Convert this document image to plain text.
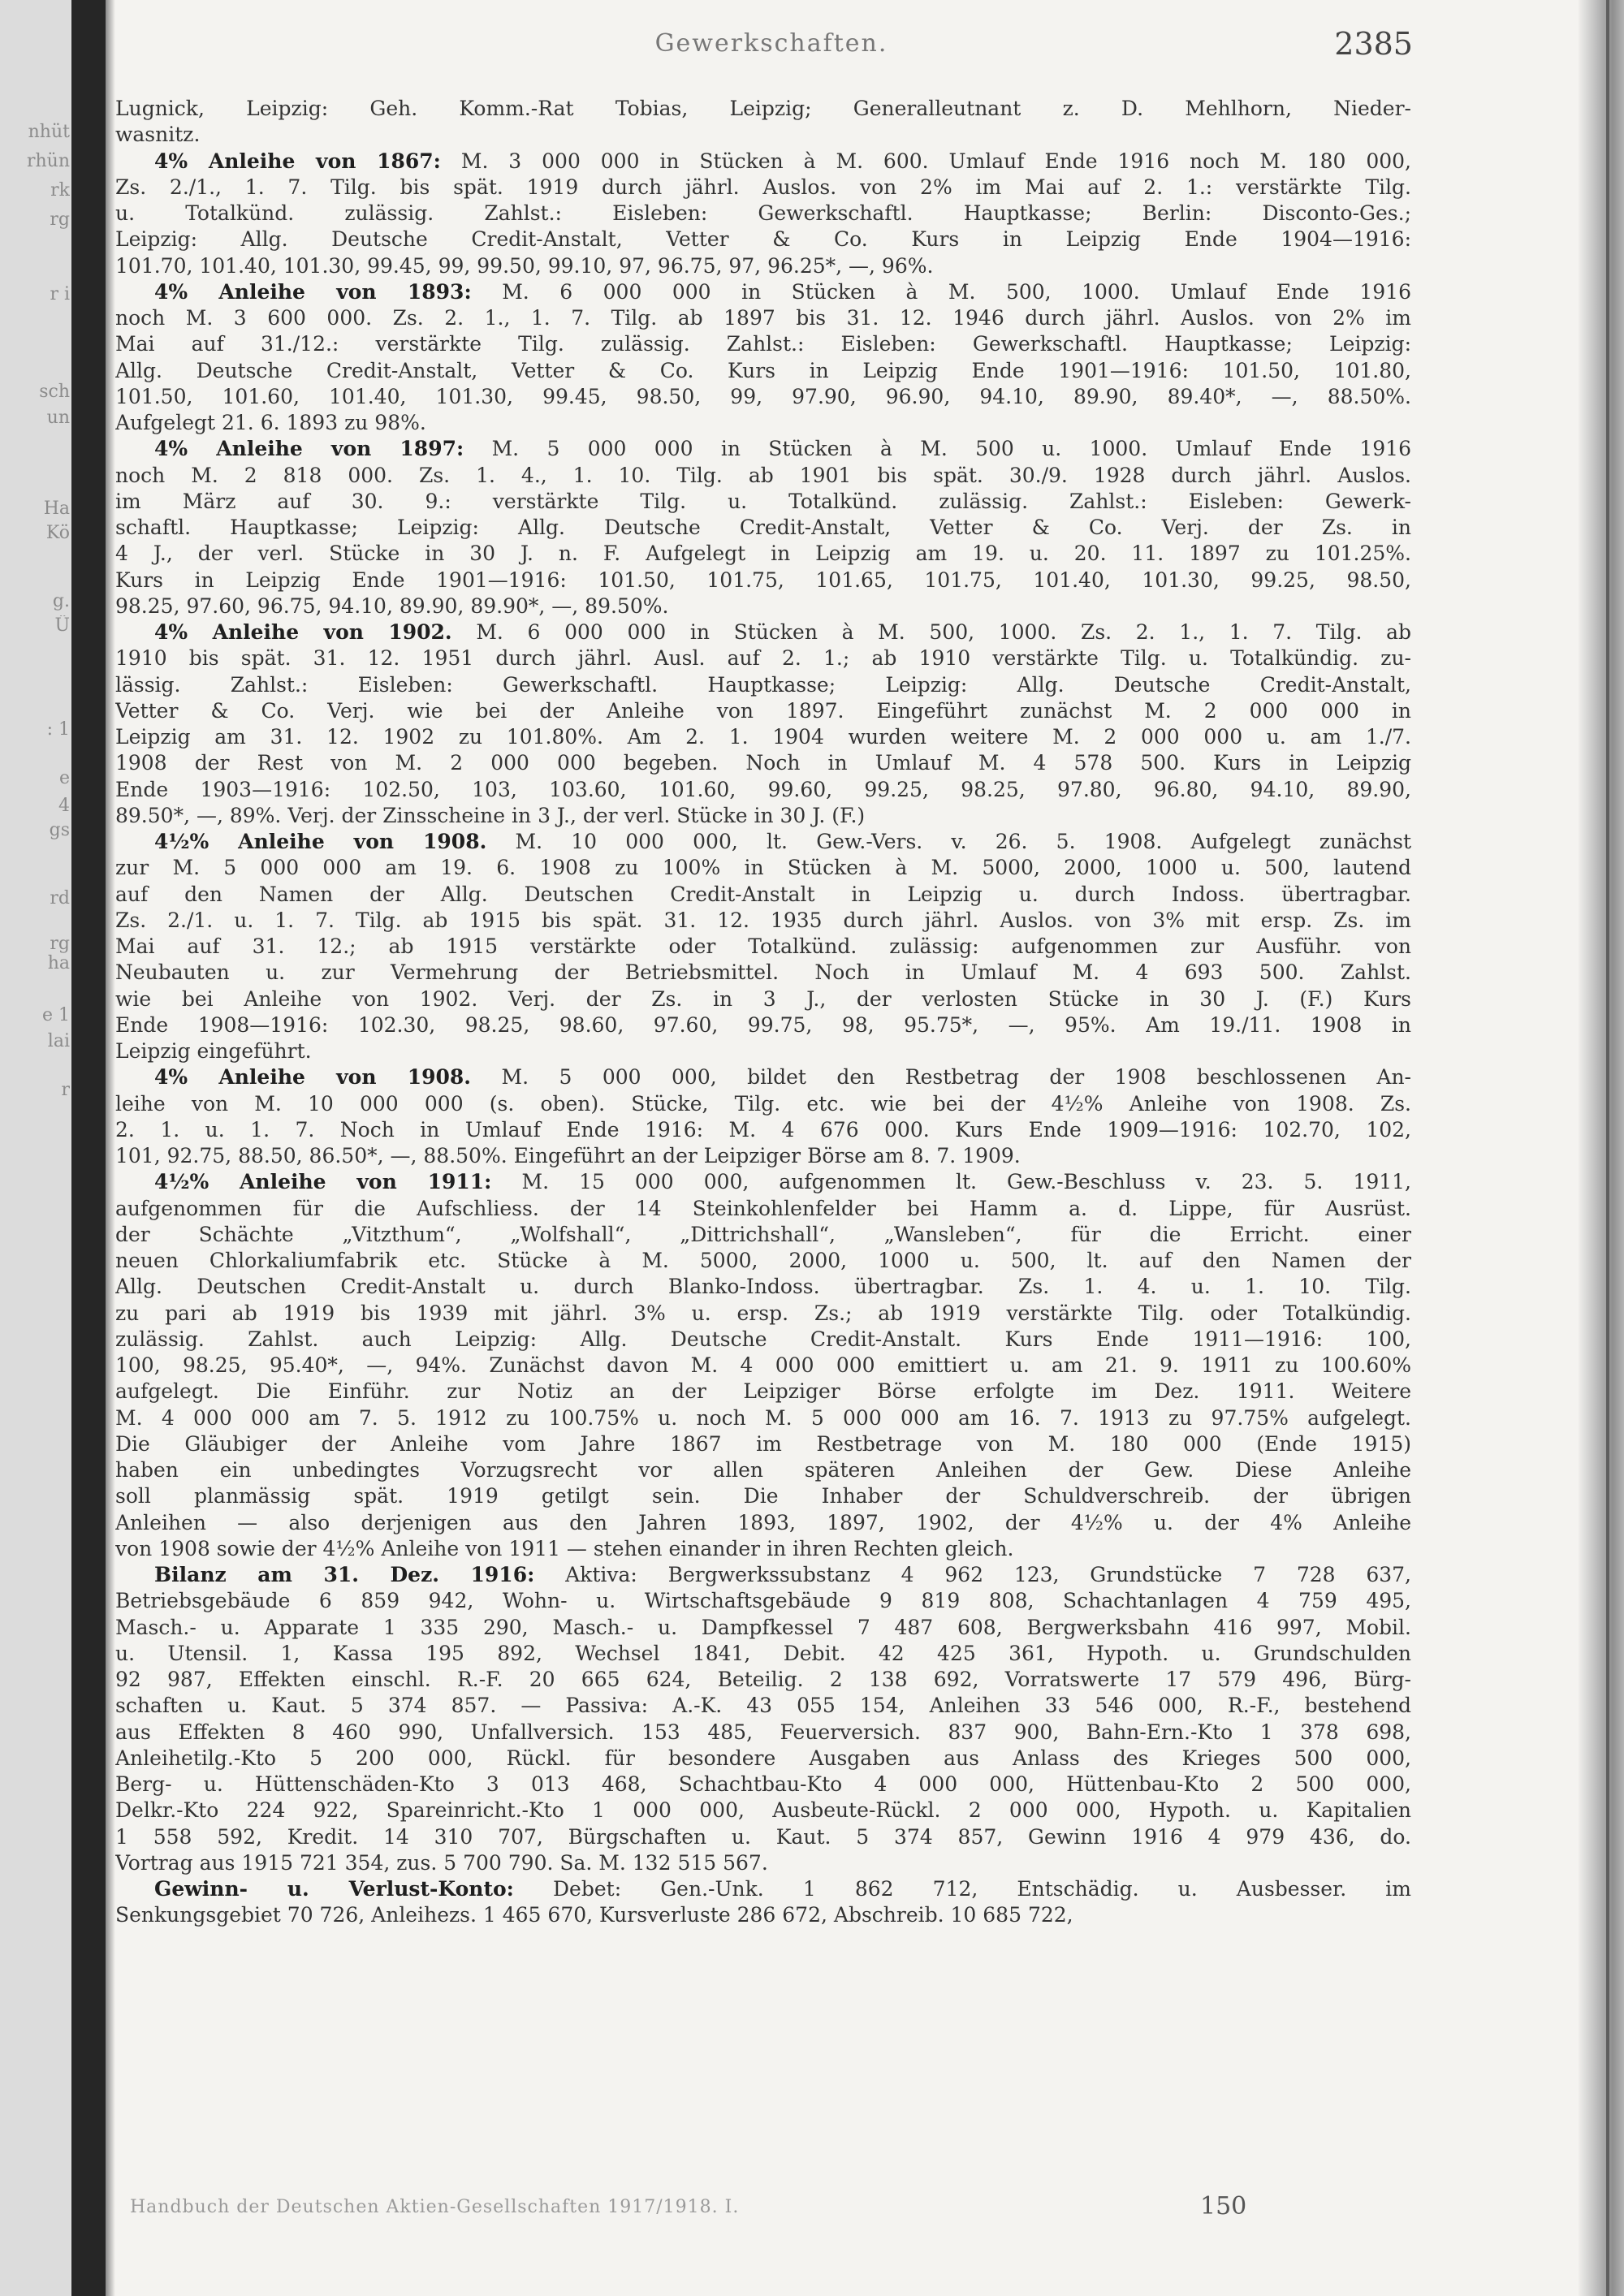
nhüt
rhün
rk
rg
r i
sch
un
Ha
Kö
g.
Ü
: 1
e
4
gs
rd
rg
ha
e 1
lai
r
Gewerkschaften.	2385
Lugnick, Leipzig: Geh. Komm.-Rat Tobias, Leipzig; Generalleutnant z. D. Mehlhorn, Nieder-
wasnitz.
4% Anleihe von 1867: M. 3 000 000 in Stücken à M. 600. Umlauf Ende 1916 noch M. 180 000,
Zs. 2./1., 1. 7. Tilg. bis spät. 1919 durch jährl. Auslos. von 2% im Mai auf 2. 1.: verstärkte Tilg.
u. Totalkünd. zulässig. Zahlst.: Eisleben: Gewerkschaftl. Hauptkasse; Berlin: Disconto-Ges.;
Leipzig: Allg. Deutsche Credit-Anstalt, Vetter & Co. Kurs in Leipzig Ende 1904—1916:
101.70, 101.40, 101.30, 99.45, 99, 99.50, 99.10, 97, 96.75, 97, 96.25*, —, 96%.
4% Anleihe von 1893: M. 6 000 000 in Stücken à M. 500, 1000. Umlauf Ende 1916
noch M. 3 600 000. Zs. 2. 1., 1. 7. Tilg. ab 1897 bis 31. 12. 1946 durch jährl. Auslos. von 2% im
Mai auf 31./12.: verstärkte Tilg. zulässig. Zahlst.: Eisleben: Gewerkschaftl. Hauptkasse; Leipzig:
Allg. Deutsche Credit-Anstalt, Vetter & Co. Kurs in Leipzig Ende 1901—1916: 101.50, 101.80,
101.50, 101.60, 101.40, 101.30, 99.45, 98.50, 99, 97.90, 96.90, 94.10, 89.90, 89.40*, —, 88.50%.
Aufgelegt 21. 6. 1893 zu 98%.
4% Anleihe von 1897: M. 5 000 000 in Stücken à M. 500 u. 1000. Umlauf Ende 1916
noch M. 2 818 000. Zs. 1. 4., 1. 10. Tilg. ab 1901 bis spät. 30./9. 1928 durch jährl. Auslos.
im März auf 30. 9.: verstärkte Tilg. u. Totalkünd. zulässig. Zahlst.: Eisleben: Gewerk-
schaftl. Hauptkasse; Leipzig: Allg. Deutsche Credit-Anstalt, Vetter & Co. Verj. der Zs. in
4 J., der verl. Stücke in 30 J. n. F. Aufgelegt in Leipzig am 19. u. 20. 11. 1897 zu 101.25%.
Kurs in Leipzig Ende 1901—1916: 101.50, 101.75, 101.65, 101.75, 101.40, 101.30, 99.25, 98.50,
98.25, 97.60, 96.75, 94.10, 89.90, 89.90*, —, 89.50%.
4% Anleihe von 1902. M. 6 000 000 in Stücken à M. 500, 1000. Zs. 2. 1., 1. 7. Tilg. ab
1910 bis spät. 31. 12. 1951 durch jährl. Ausl. auf 2. 1.; ab 1910 verstärkte Tilg. u. Totalkündig. zu-
lässig. Zahlst.: Eisleben: Gewerkschaftl. Hauptkasse; Leipzig: Allg. Deutsche Credit-Anstalt,
Vetter & Co. Verj. wie bei der Anleihe von 1897. Eingeführt zunächst M. 2 000 000 in
Leipzig am 31. 12. 1902 zu 101.80%. Am 2. 1. 1904 wurden weitere M. 2 000 000 u. am 1./7.
1908 der Rest von M. 2 000 000 begeben. Noch in Umlauf M. 4 578 500. Kurs in Leipzig
Ende 1903—1916: 102.50, 103, 103.60, 101.60, 99.60, 99.25, 98.25, 97.80, 96.80, 94.10, 89.90,
89.50*, —, 89%. Verj. der Zinsscheine in 3 J., der verl. Stücke in 30 J. (F.)
4½% Anleihe von 1908. M. 10 000 000, lt. Gew.-Vers. v. 26. 5. 1908. Aufgelegt zunächst
zur M. 5 000 000 am 19. 6. 1908 zu 100% in Stücken à M. 5000, 2000, 1000 u. 500, lautend
auf den Namen der Allg. Deutschen Credit-Anstalt in Leipzig u. durch Indoss. übertragbar.
Zs. 2./1. u. 1. 7. Tilg. ab 1915 bis spät. 31. 12. 1935 durch jährl. Auslos. von 3% mit ersp. Zs. im
Mai auf 31. 12.; ab 1915 verstärkte oder Totalkünd. zulässig: aufgenommen zur Ausführ. von
Neubauten u. zur Vermehrung der Betriebsmittel. Noch in Umlauf M. 4 693 500. Zahlst.
wie bei Anleihe von 1902. Verj. der Zs. in 3 J., der verlosten Stücke in 30 J. (F.) Kurs
Ende 1908—1916: 102.30, 98.25, 98.60, 97.60, 99.75, 98, 95.75*, —, 95%. Am 19./11. 1908 in
Leipzig eingeführt.
4% Anleihe von 1908. M. 5 000 000, bildet den Restbetrag der 1908 beschlossenen An-
leihe von M. 10 000 000 (s. oben). Stücke, Tilg. etc. wie bei der 4½% Anleihe von 1908. Zs.
2. 1. u. 1. 7. Noch in Umlauf Ende 1916: M. 4 676 000. Kurs Ende 1909—1916: 102.70, 102,
101, 92.75, 88.50, 86.50*, —, 88.50%. Eingeführt an der Leipziger Börse am 8. 7. 1909.
4½% Anleihe von 1911: M. 15 000 000, aufgenommen lt. Gew.-Beschluss v. 23. 5. 1911,
aufgenommen für die Aufschliess. der 14 Steinkohlenfelder bei Hamm a. d. Lippe, für Ausrüst.
der Schächte „Vitzthum“, „Wolfshall“, „Dittrichshall“, „Wansleben“, für die Erricht. einer
neuen Chlorkaliumfabrik etc. Stücke à M. 5000, 2000, 1000 u. 500, lt. auf den Namen der
Allg. Deutschen Credit-Anstalt u. durch Blanko-Indoss. übertragbar. Zs. 1. 4. u. 1. 10. Tilg.
zu pari ab 1919 bis 1939 mit jährl. 3% u. ersp. Zs.; ab 1919 verstärkte Tilg. oder Totalkündig.
zulässig. Zahlst. auch Leipzig: Allg. Deutsche Credit-Anstalt. Kurs Ende 1911—1916: 100,
100, 98.25, 95.40*, —, 94%. Zunächst davon M. 4 000 000 emittiert u. am 21. 9. 1911 zu 100.60%
aufgelegt. Die Einführ. zur Notiz an der Leipziger Börse erfolgte im Dez. 1911. Weitere
M. 4 000 000 am 7. 5. 1912 zu 100.75% u. noch M. 5 000 000 am 16. 7. 1913 zu 97.75% aufgelegt.
Die Gläubiger der Anleihe vom Jahre 1867 im Restbetrage von M. 180 000 (Ende 1915)
haben ein unbedingtes Vorzugsrecht vor allen späteren Anleihen der Gew. Diese Anleihe
soll planmässig spät. 1919 getilgt sein. Die Inhaber der Schuldverschreib. der übrigen
Anleihen — also derjenigen aus den Jahren 1893, 1897, 1902, der 4½% u. der 4% Anleihe
von 1908 sowie der 4½% Anleihe von 1911 — stehen einander in ihren Rechten gleich.
Bilanz am 31. Dez. 1916: Aktiva: Bergwerkssubstanz 4 962 123, Grundstücke 7 728 637,
Betriebsgebäude 6 859 942, Wohn- u. Wirtschaftsgebäude 9 819 808, Schachtanlagen 4 759 495,
Masch.- u. Apparate 1 335 290, Masch.- u. Dampfkessel 7 487 608, Bergwerksbahn 416 997, Mobil.
u. Utensil. 1, Kassa 195 892, Wechsel 1841, Debit. 42 425 361, Hypoth. u. Grundschulden
92 987, Effekten einschl. R.-F. 20 665 624, Beteilig. 2 138 692, Vorratswerte 17 579 496, Bürg-
schaften u. Kaut. 5 374 857. — Passiva: A.-K. 43 055 154, Anleihen 33 546 000, R.-F., bestehend
aus Effekten 8 460 990, Unfallversich. 153 485, Feuerversich. 837 900, Bahn-Ern.-Kto 1 378 698,
Anleihetilg.-Kto 5 200 000, Rückl. für besondere Ausgaben aus Anlass des Krieges 500 000,
Berg- u. Hüttenschäden-Kto 3 013 468, Schachtbau-Kto 4 000 000, Hüttenbau-Kto 2 500 000,
Delkr.-Kto 224 922, Spareinricht.-Kto 1 000 000, Ausbeute-Rückl. 2 000 000, Hypoth. u. Kapitalien
1 558 592, Kredit. 14 310 707, Bürgschaften u. Kaut. 5 374 857, Gewinn 1916 4 979 436, do.
Vortrag aus 1915 721 354, zus. 5 700 790. Sa. M. 132 515 567.
Gewinn- u. Verlust-Konto: Debet: Gen.-Unk. 1 862 712, Entschädig. u. Ausbesser. im
Senkungsgebiet 70 726, Anleihezs. 1 465 670, Kursverluste 286 672, Abschreib. 10 685 722,
Handbuch der Deutschen Aktien-Gesellschaften 1917/1918. I.	150
